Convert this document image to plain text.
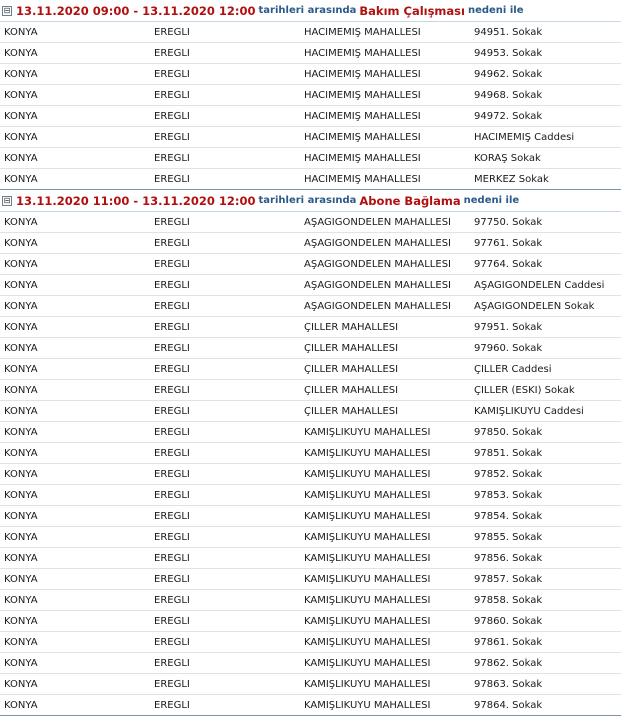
⊟ 13.11.2020 09:00 - 13.11.2020 12:00 tarihleri arasında Bakım Çalışması nedeni ile
KONYA	EREĞLİ	HACIMEMİŞ MAHALLESİ	94951. Sokak
KONYA	EREĞLİ	HACIMEMİŞ MAHALLESİ	94953. Sokak
KONYA	EREĞLİ	HACIMEMİŞ MAHALLESİ	94962. Sokak
KONYA	EREĞLİ	HACIMEMİŞ MAHALLESİ	94968. Sokak
KONYA	EREĞLİ	HACIMEMİŞ MAHALLESİ	94972. Sokak
KONYA	EREĞLİ	HACIMEMİŞ MAHALLESİ	HACIMEMİŞ Caddesi
KONYA	EREĞLİ	HACIMEMİŞ MAHALLESİ	KORAŞ Sokak
KONYA	EREĞLİ	HACIMEMİŞ MAHALLESİ	MERKEZ Sokak
⊟ 13.11.2020 11:00 - 13.11.2020 12:00 tarihleri arasında Abone Bağlama nedeni ile
KONYA	EREĞLİ	AŞAĞIGÖNDELEN MAHALLESİ	97750. Sokak
KONYA	EREĞLİ	AŞAĞIGÖNDELEN MAHALLESİ	97761. Sokak
KONYA	EREĞLİ	AŞAĞIGÖNDELEN MAHALLESİ	97764. Sokak
KONYA	EREĞLİ	AŞAĞIGÖNDELEN MAHALLESİ	AŞAĞIGÖNDELEN Caddesi
KONYA	EREĞLİ	AŞAĞIGÖNDELEN MAHALLESİ	AŞAĞIGÖNDELEN Sokak
KONYA	EREĞLİ	ÇİLLER MAHALLESİ	97951. Sokak
KONYA	EREĞLİ	ÇİLLER MAHALLESİ	97960. Sokak
KONYA	EREĞLİ	ÇİLLER MAHALLESİ	ÇİLLER Caddesi
KONYA	EREĞLİ	ÇİLLER MAHALLESİ	ÇİLLER (ESKİ) Sokak
KONYA	EREĞLİ	ÇİLLER MAHALLESİ	KAMIŞLIKUYU Caddesi
KONYA	EREĞLİ	KAMIŞLIKUYU MAHALLESİ	97850. Sokak
KONYA	EREĞLİ	KAMIŞLIKUYU MAHALLESİ	97851. Sokak
KONYA	EREĞLİ	KAMIŞLIKUYU MAHALLESİ	97852. Sokak
KONYA	EREĞLİ	KAMIŞLIKUYU MAHALLESİ	97853. Sokak
KONYA	EREĞLİ	KAMIŞLIKUYU MAHALLESİ	97854. Sokak
KONYA	EREĞLİ	KAMIŞLIKUYU MAHALLESİ	97855. Sokak
KONYA	EREĞLİ	KAMIŞLIKUYU MAHALLESİ	97856. Sokak
KONYA	EREĞLİ	KAMIŞLIKUYU MAHALLESİ	97857. Sokak
KONYA	EREĞLİ	KAMIŞLIKUYU MAHALLESİ	97858. Sokak
KONYA	EREĞLİ	KAMIŞLIKUYU MAHALLESİ	97860. Sokak
KONYA	EREĞLİ	KAMIŞLIKUYU MAHALLESİ	97861. Sokak
KONYA	EREĞLİ	KAMIŞLIKUYU MAHALLESİ	97862. Sokak
KONYA	EREĞLİ	KAMIŞLIKUYU MAHALLESİ	97863. Sokak
KONYA	EREĞLİ	KAMIŞLIKUYU MAHALLESİ	97864. Sokak
